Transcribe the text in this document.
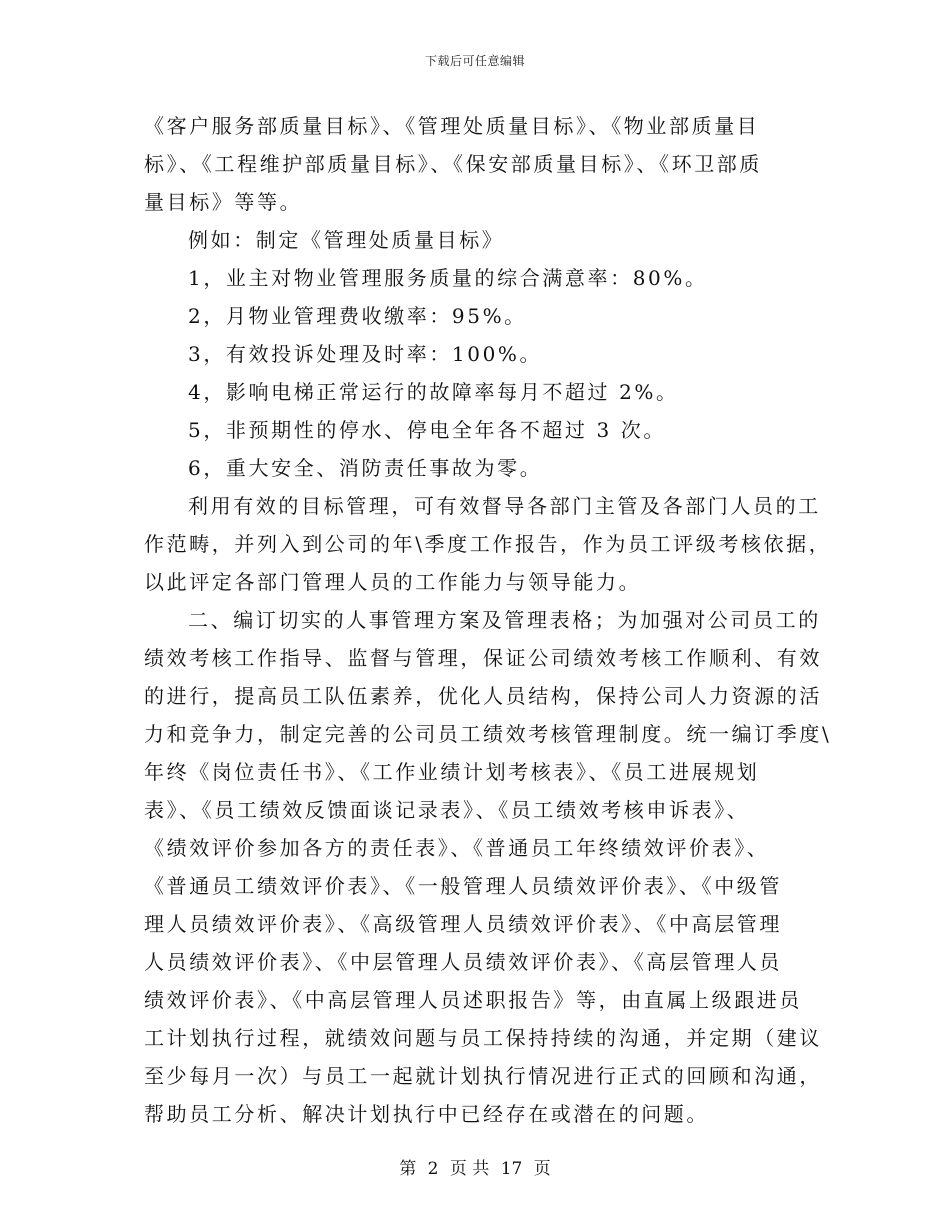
下载后可任意编辑
《客户服务部质量目标》、《管理处质量目标》、《物业部质量目
标》、《工程维护部质量目标》、《保安部质量目标》、《环卫部质
量目标》等等。
例如：制定《管理处质量目标》
1，业主对物业管理服务质量的综合满意率：80%。
2，月物业管理费收缴率：95%。
3，有效投诉处理及时率：100%。
4，影响电梯正常运行的故障率每月不超过 2%。
5，非预期性的停水、停电全年各不超过 3 次。
6，重大安全、消防责任事故为零。
利用有效的目标管理，可有效督导各部门主管及各部门人员的工
作范畴，并列入到公司的年\季度工作报告，作为员工评级考核依据，
以此评定各部门管理人员的工作能力与领导能力。
二、编订切实的人事管理方案及管理表格；为加强对公司员工的
绩效考核工作指导、监督与管理，保证公司绩效考核工作顺利、有效
的进行，提高员工队伍素养，优化人员结构，保持公司人力资源的活
力和竞争力，制定完善的公司员工绩效考核管理制度。统一编订季度\
年终《岗位责任书》、《工作业绩计划考核表》、《员工进展规划
表》、《员工绩效反馈面谈记录表》、《员工绩效考核申诉表》、
《绩效评价参加各方的责任表》、《普通员工年终绩效评价表》、
《普通员工绩效评价表》、《一般管理人员绩效评价表》、《中级管
理人员绩效评价表》、《高级管理人员绩效评价表》、《中高层管理
人员绩效评价表》、《中层管理人员绩效评价表》、《高层管理人员
绩效评价表》、《中高层管理人员述职报告》等，由直属上级跟进员
工计划执行过程，就绩效问题与员工保持持续的沟通，并定期（建议
至少每月一次）与员工一起就计划执行情况进行正式的回顾和沟通，
帮助员工分析、解决计划执行中已经存在或潜在的问题。
第 2 页 共 17 页
